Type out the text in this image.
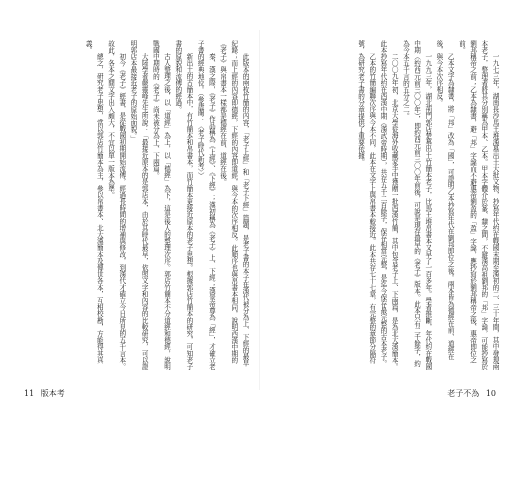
一九七三年，湖南長沙馬王堆漢墓出土大批文物，抄寫年代約在戰國末期至漢初的二、三十年間，其中發現兩本老子，整理者將其分別稱為甲本、乙本。甲本字體介於篆、隸之間，不避漢高祖劉邦的「邦」字諱，可能抄寫於劉邦稱帝之前；乙本為隸書，避「邦」字諱而不避惠帝劉盈的「盈」字諱，應抄寫於劉邦稱帝之後、惠帝即位之前。

乙本文字為隸書，將「邦」改為「國」，可證明乙本抄寫年代在劉邦即位之後。兩本皆為德經在前、道經在後，與今本次序相反。

一九九三年，湖北荊門郭店楚墓出土竹簡本老子，比馬王堆帛書本又早了一百多年。學者推斷，年代約在戰國中期（約西元前三〇〇年），即約西元前三〇〇年前後，可說是現存最早的《老子》版本。此本只有二千餘字，約為今本五千言的五分之二。

二〇〇九年初，北京大學從海外收藏家手中獲贈一批西漢竹簡，其中包含老子上、下兩篇，是為北大漢簡本。此本抄寫年代約在西漢中期（漢武帝時期），共存五千二百餘字，保存相當完整，是迄今保存最完整的古本老子。

乙本的竹簡編聯次序與今本不同，此本在文字上與帛書本較接近。此本共存七十七章，有完整的章節分隔符號，為研究老子書的分章提供了重要依據。

此版本的兩枚竹簡的內容，「老子上經」和「老子下經」篇題，是老子書的本子在漢代被分為上、下經的最早紀錄；而上經的內容即德經，下經的內容即道經，與今本的次序相反。此順序也與帛書本相同，說明西漢中期的《老子》與帛書本一樣都是德經在前、道經在後。

秦、漢之際，《老子》作品稱為《上經》、《下經》；漢初稱為《老子》上、下經；漢景帝尊為「經」，才確立老子書的經典地位。（參唐蘭：〈老子時代新考〉）

新出土的古簡本中，有竹簡本和帛書本，而竹簡本更接近原本的老子思想。根據郭店竹簡本的研究，可知老子書的原貌和流傳的經過。

古人整理之後，以「道經」為上，以「德經」為下，這是後人的整理次序。郭店竹簡本不分道經和德經，說明戰國中期時的《老子》尚未被分為上、下兩篇。

大陸學者嚴靈峰先生所說：「最接近原本的是郭店本，由於其時代最早，依照文字和內容的比較研究，可以證明郭店本最接近老子的原始面貌。」

初今《老子》經書，是從戰國初期開始流傳，經過長時間的增補與修改，到漢代才確立今日所見的五千言本。故此，各本之間文字出入頗大，不宜以單一版本為準。

總之，研究老子思想，當以郭店竹簡本為主，參以帛書本、北大漢簡本及傳世各本，互相校勘，方能得其真義。

11 版本考	老子不為 10
